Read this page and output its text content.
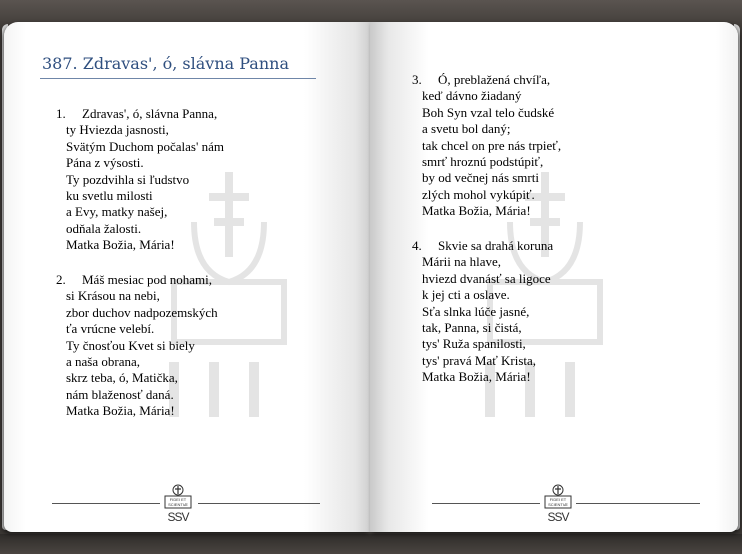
387. Zdravas', ó, slávna Panna
1. Zdravas', ó, slávna Panna,
ty Hviezda jasnosti,
Svätým Duchom počalas' nám
Pána z výsosti.
Ty pozdvihla si ľudstvo
ku svetlu milosti
a Evy, matky našej,
odňala žalosti.
Matka Božia, Mária!
2. Máš mesiac pod nohami,
si Krásou na nebi,
zbor duchov nadpozemských
ťa vrúcne velebí.
Ty čnosťou Kvet si biely
a naša obrana,
skrz teba, ó, Matička,
nám blaženosť daná.
Matka Božia, Mária!
FIDEI ET
SCIENTIÆ
SSV
3. Ó, preblažená chvíľa,
keď dávno žiadaný
Boh Syn vzal telo čudské
a svetu bol daný;
tak chcel on pre nás trpieť,
smrť hroznú podstúpiť,
by od večnej nás smrti
zlých mohol vykúpiť.
Matka Božia, Mária!
4. Skvie sa drahá koruna
Márii na hlave,
hviezd dvanásť sa ligoce
k jej cti a oslave.
Sťa slnka lúče jasné,
tak, Panna, si čistá,
tys' Ruža spanilosti,
tys' pravá Mať Krista,
Matka Božia, Mária!
FIDEI ET
SCIENTIÆ
SSV
